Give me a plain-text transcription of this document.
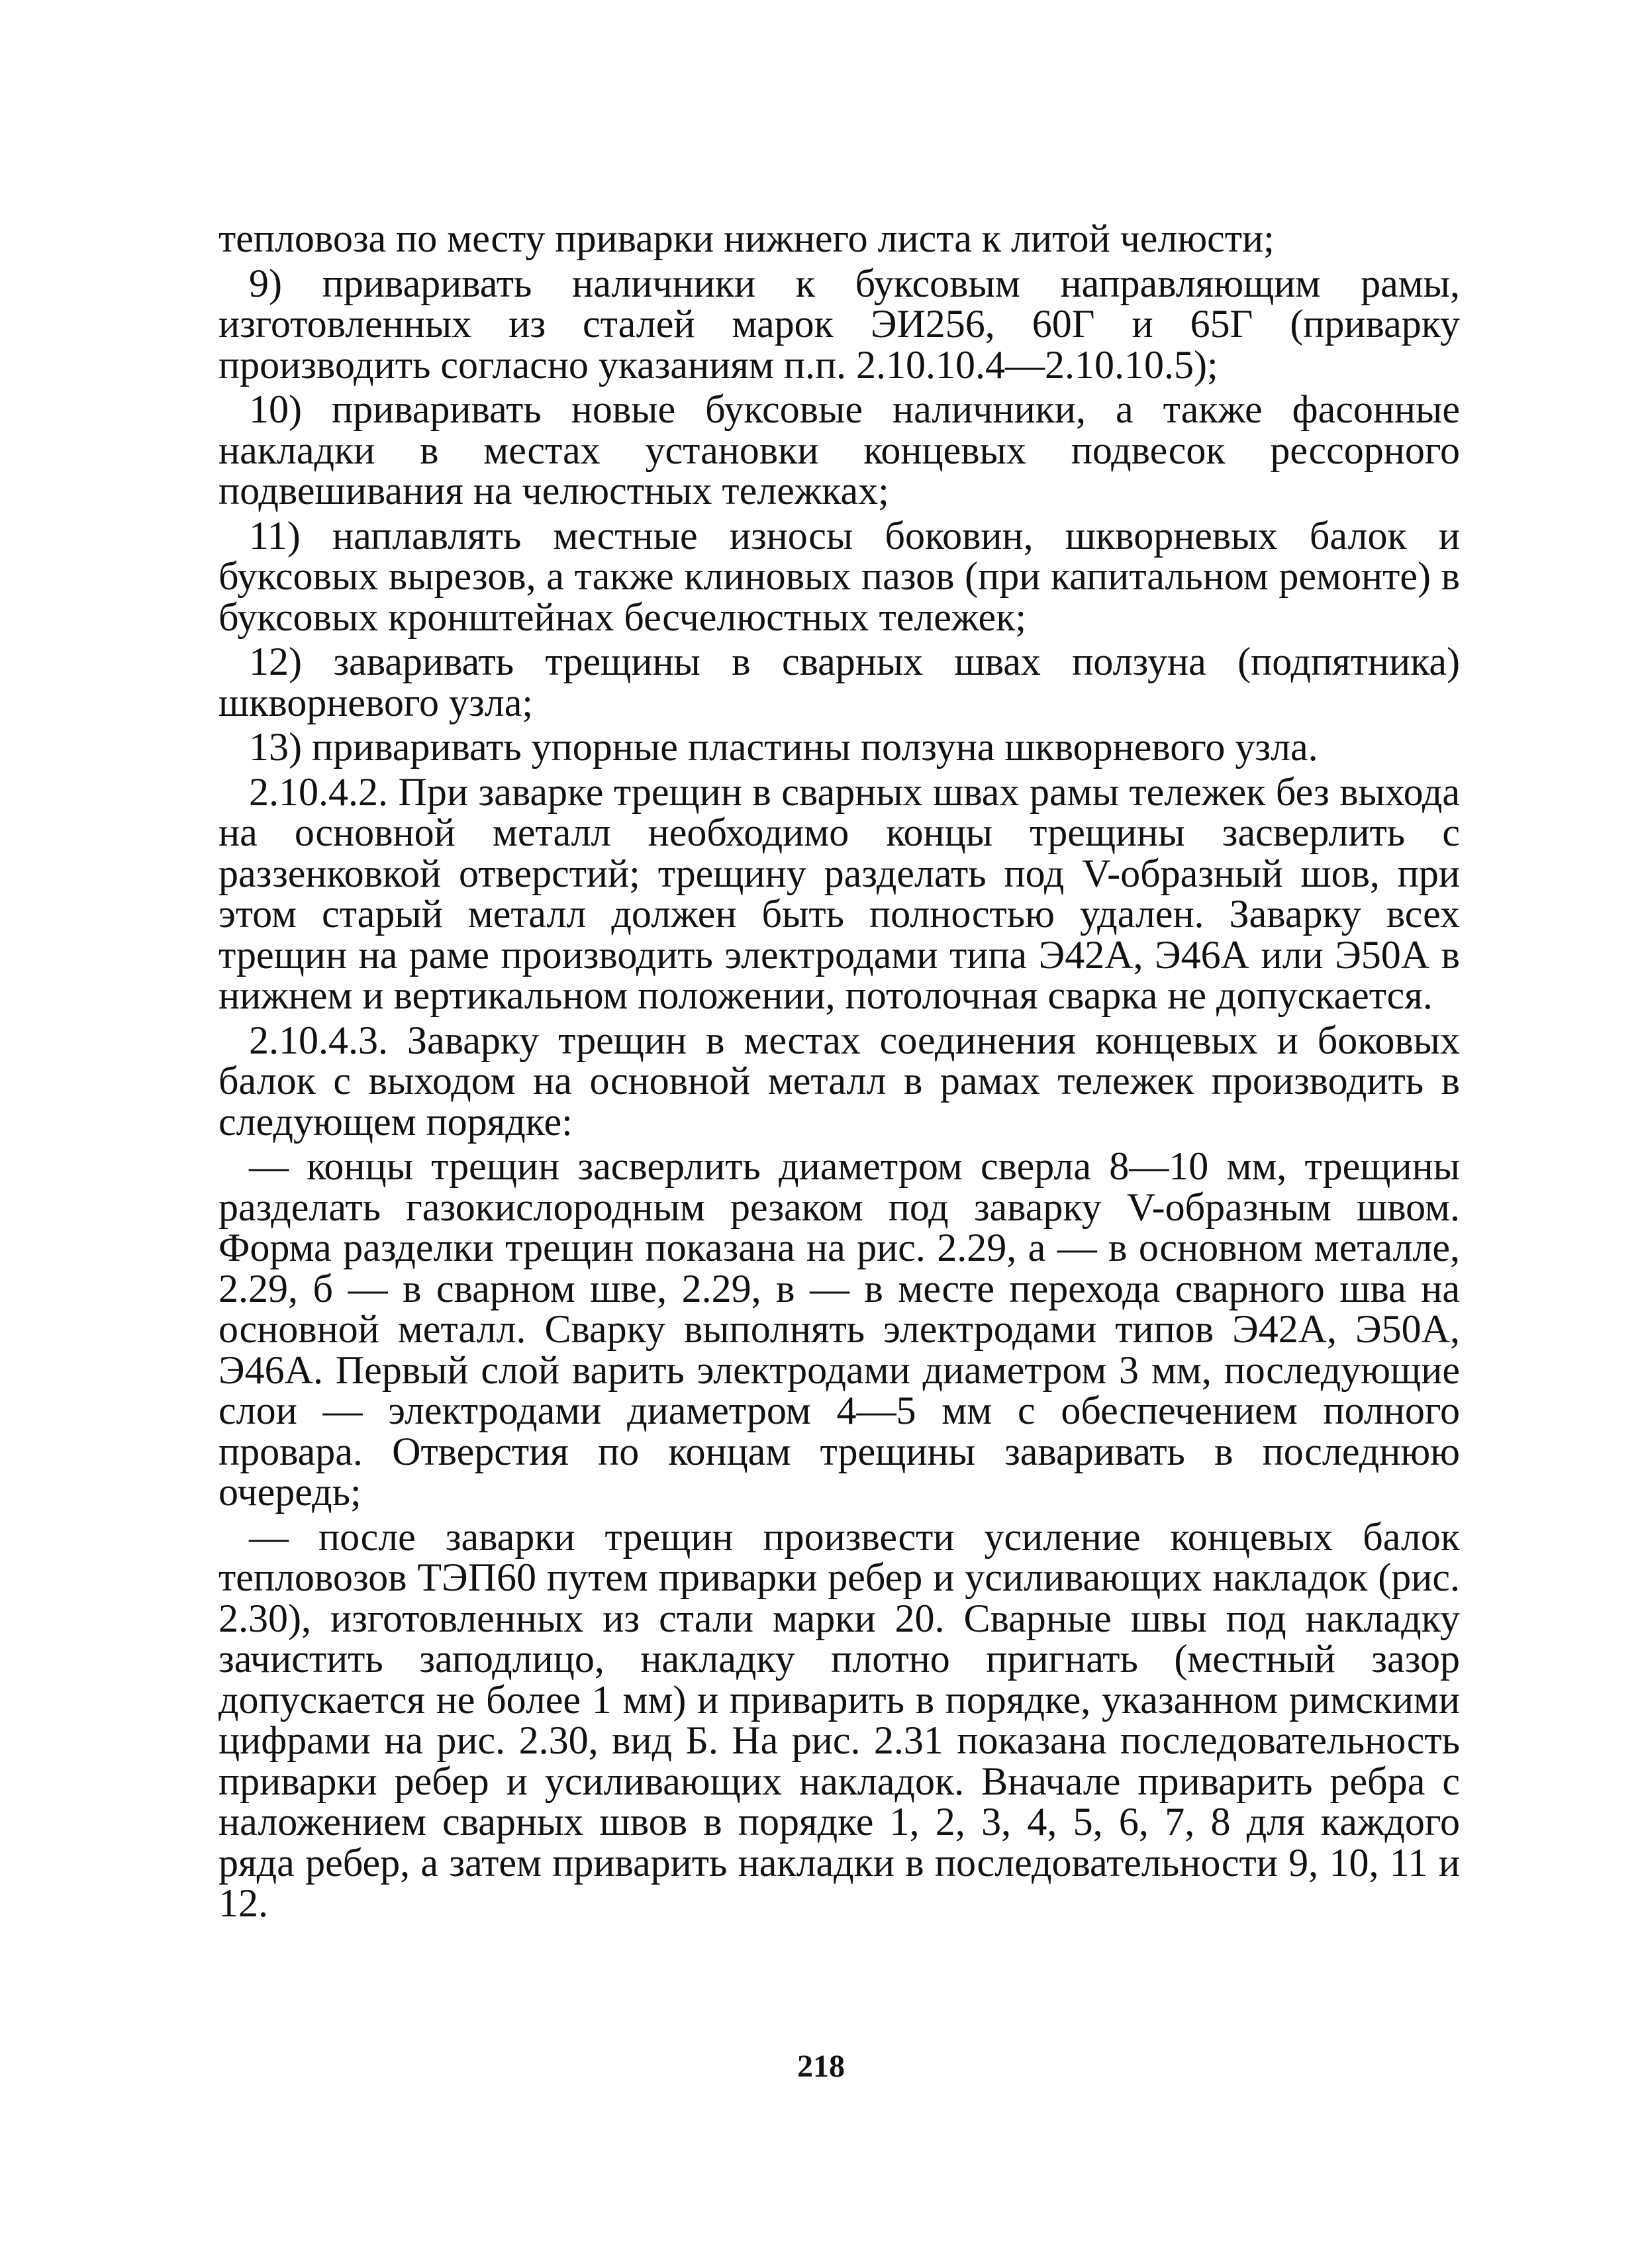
тепловоза по месту приварки нижнего листа к литой челюсти;

9) приваривать наличники к буксовым направляющим рамы, изготовленных из сталей марок ЭИ256, 60Г и 65Г (приварку производить согласно указаниям п.п. 2.10.10.4—2.10.10.5);

10) приваривать новые буксовые наличники, а также фасонные накладки в местах установки концевых подвесок рессорного подвешивания на челюстных тележках;

11) наплавлять местные износы боковин, шкворневых балок и буксовых вырезов, а также клиновых пазов (при капитальном ремонте) в буксовых кронштейнах бесчелюстных тележек;

12) заваривать трещины в сварных швах ползуна (подпятника) шкворневого узла;

13) приваривать упорные пластины ползуна шкворневого узла.

2.10.4.2. При заварке трещин в сварных швах рамы тележек без выхода на основной металл необходимо концы трещины засверлить с раззенковкой отверстий; трещину разделать под V-образный шов, при этом старый металл должен быть полностью удален. Заварку всех трещин на раме производить электродами типа Э42А, Э46А или Э50А в нижнем и вертикальном положении, потолочная сварка не допускается.

2.10.4.3. Заварку трещин в местах соединения концевых и боковых балок с выходом на основной металл в рамах тележек производить в следующем порядке:

— концы трещин засверлить диаметром сверла 8—10 мм, трещины разделать газокислородным резаком под заварку V-образным швом. Форма разделки трещин показана на рис. 2.29, а — в основном металле, 2.29, б — в сварном шве, 2.29, в — в месте перехода сварного шва на основной металл. Сварку выполнять электродами типов Э42А, Э50А, Э46А. Первый слой варить электродами диаметром 3 мм, последующие слои — электродами диаметром 4—5 мм с обеспечением полного провара. Отверстия по концам трещины заваривать в последнюю очередь;

— после заварки трещин произвести усиление концевых балок тепловозов ТЭП60 путем приварки ребер и усиливающих накладок (рис. 2.30), изготовленных из стали марки 20. Сварные швы под накладку зачистить заподлицо, накладку плотно пригнать (местный зазор допускается не более 1 мм) и приварить в порядке, указанном римскими цифрами на рис. 2.30, вид Б. На рис. 2.31 показана последовательность приварки ребер и усиливающих накладок. Вначале приварить ребра с наложением сварных швов в порядке 1, 2, 3, 4, 5, 6, 7, 8 для каждого ряда ребер, а затем приварить накладки в последовательности 9, 10, 11 и 12.

218
